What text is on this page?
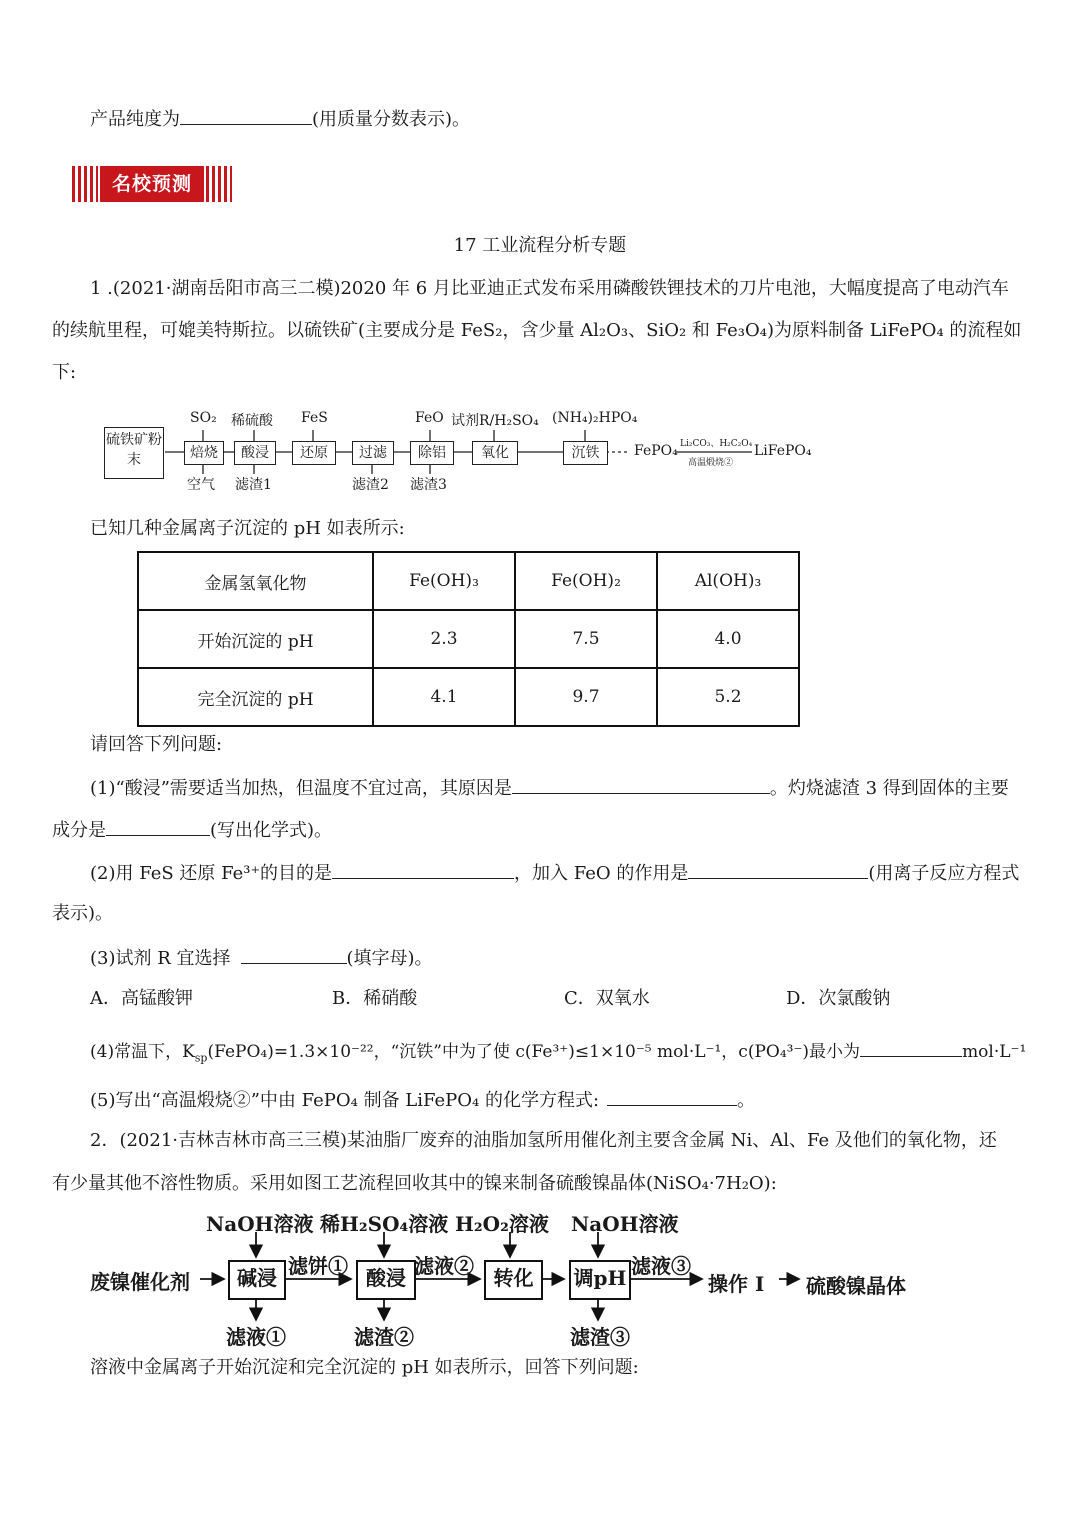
产品纯度为	(用质量分数表示)。
名校预测
17 工业流程分析专题
1 .(2021·湖南岳阳市高三二模)2020 年 6 月比亚迪正式发布采用磷酸铁锂技术的刀片电池，大幅度提高了电动汽车
的续航里程，可媲美特斯拉。以硫铁矿(主要成分是 FeS₂，含少量 Al₂O₃、SiO₂ 和 Fe₃O₄)为原料制备 LiFePO₄ 的流程如
下:
硫铁矿粉末	焙烧	酸浸	还原	过滤	除铝	氧化	沉铁
SO₂ 稀硫酸 FeS	FeO 试剂R/H₂SO₄ (NH₄)₂HPO₄
空气 滤渣1	滤渣2 滤渣3
FePO₄ Li₂CO₃、H₂C₂O₄
高温煅烧②
LiFePO₄
已知几种金属离子沉淀的 pH 如表所示:
金属氢氧化物	Fe(OH)₃	Fe(OH)₂	Al(OH)₃
开始沉淀的 pH	2.3	7.5	4.0
完全沉淀的 pH	4.1	9.7	5.2
请回答下列问题:
(1)“酸浸”需要适当加热，但温度不宜过高，其原因是	。灼烧滤渣 3 得到固体的主要
成分是	(写出化学式)。
(2)用 FeS 还原 Fe³⁺的目的是	，加入 FeO 的作用是	(用离子反应方程式
表示)。
(3)试剂 R 宜选择	(填字母)。
A．高锰酸钾	B．稀硝酸	C．双氧水	D．次氯酸钠
(4)常温下，$K_{sp}(FePO_4)=1.3\times 10^{-22}$，“沉铁”中为了使 c(Fe³⁺)≤1×10⁻⁵ mol·L⁻¹，c(PO₄³⁻)最小为	mol·L⁻¹
(5)写出“高温煅烧②”中由 FePO₄ 制备 LiFePO₄ 的化学方程式:	。
2．(2021·吉林吉林市高三三模)某油脂厂废弃的油脂加氢所用催化剂主要含金属 Ni、Al、Fe 及他们的氧化物，还
有少量其他不溶性物质。采用如图工艺流程回收其中的镍来制备硫酸镍晶体(NiSO₄·7H₂O):
废镍催化剂	碱浸	酸浸	转化	调pH
NaOH溶液 稀H₂SO₄溶液 H₂O₂溶液 NaOH溶液
滤饼①	滤液②	滤液③
滤液①	滤渣②	滤渣③
操作 I 硫酸镍晶体
溶液中金属离子开始沉淀和完全沉淀的 pH 如表所示，回答下列问题:
